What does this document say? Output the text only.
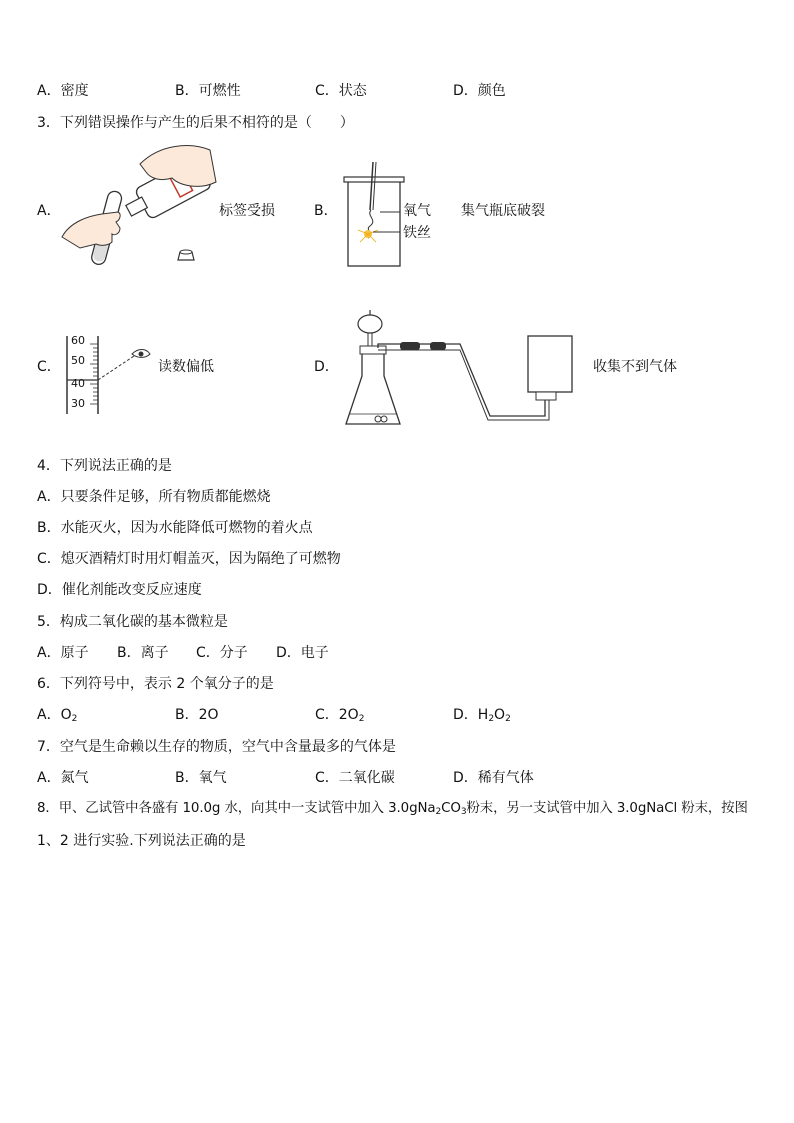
A．密度	B．可燃性	C．状态	D．颜色
3．下列错误操作与产生的后果不相符的是（　　）
A．	标签受损	B．	氧气
铁丝
集气瓶底破裂
C．
60
50
40
30
读数偏低	D．	收集不到气体
4．下列说法正确的是
A．只要条件足够，所有物质都能燃烧
B．水能灭火，因为水能降低可燃物的着火点
C．熄灭酒精灯时用灯帽盖灭，因为隔绝了可燃物
D．催化剂能改变反应速度
5．构成二氧化碳的基本微粒是
A．原子 B．离子 C．分子 D．电子
6．下列符号中，表示 2 个氧分子的是
A．$O_2$	B．2O	C．$2O_2$	D．$H_2O_2$
7．空气是生命赖以生存的物质，空气中含量最多的气体是
A．氮气	B．氧气	C．二氧化碳	D．稀有气体
8．甲、乙试管中各盛有 10.0g 水，向其中一支试管中加入 $3.0gNa_2CO_3$粉末，另一支试管中加入 3.0gNaCl 粉末，按图
1、2 进行实验.下列说法正确的是
